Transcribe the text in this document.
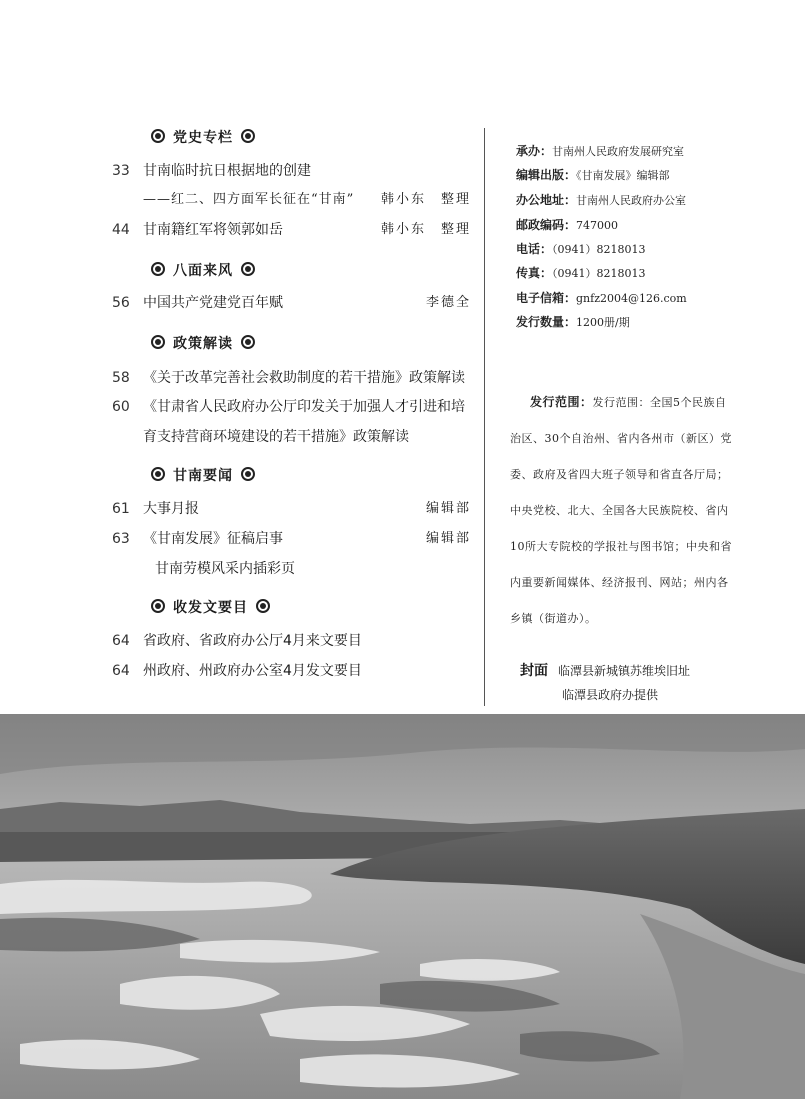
党史专栏
33 甘南临时抗日根据地的创建
——红二、四方面军长征在“甘南” 韩小东　整理
44 甘南籍红军将领郭如岳	韩小东　整理
八面来风
56 中国共产党建党百年赋	李德全
政策解读
58 《关于改革完善社会救助制度的若干措施》政策解读
60 《甘肃省人民政府办公厅印发关于加强人才引进和培
育支持营商环境建设的若干措施》政策解读
甘南要闻
61 大事月报	编辑部
63 《甘南发展》征稿启事	编辑部
甘南劳模风采内插彩页
收发文要目
64 省政府、省政府办公厅4月来文要目
64 州政府、州政府办公室4月发文要目
承办：甘南州人民政府发展研究室
编辑出版：《甘南发展》编辑部
办公地址：甘南州人民政府办公室
邮政编码：747000
电话：（0941）8218013
传真：（0941）8218013
电子信箱：gnfz2004@126.com
发行数量：1200册/期
发行范围：发行范围：全国5个民族自治区、30个自治州、省内各州市（新区）党委、政府及省四大班子领导和省直各厅局；中央党校、北大、全国各大民族院校、省内10所大专院校的学报社与图书馆；中央和省内重要新闻媒体、经济报刊、网站；州内各乡镇（街道办）。
封面 临潭县新城镇苏维埃旧址
临潭县政府办提供
